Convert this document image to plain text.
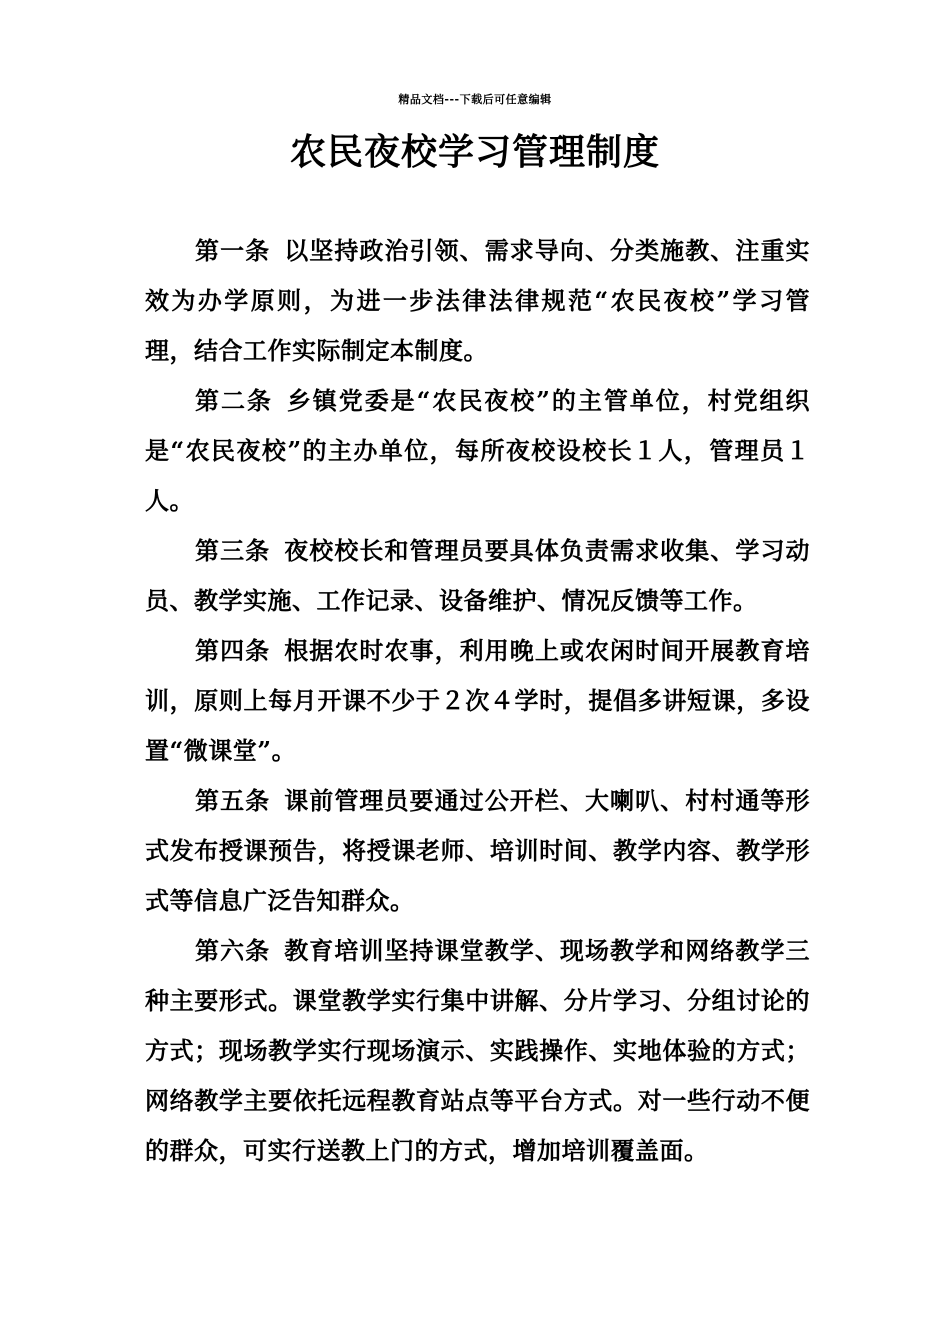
精品文档---下载后可任意编辑
农民夜校学习管理制度

第一条 以坚持政治引领、需求导向、分类施教、注重实效为办学原则，为进一步法律法律规范“农民夜校”学习管理，结合工作实际制定本制度。

第二条 乡镇党委是“农民夜校”的主管单位，村党组织是“农民夜校”的主办单位，每所夜校设校长１人，管理员１人。

第三条 夜校校长和管理员要具体负责需求收集、学习动员、教学实施、工作记录、设备维护、情况反馈等工作。

第四条 根据农时农事，利用晚上或农闲时间开展教育培训，原则上每月开课不少于２次４学时，提倡多讲短课，多设置“微课堂”。

第五条 课前管理员要通过公开栏、大喇叭、村村通等形式发布授课预告，将授课老师、培训时间、教学内容、教学形式等信息广泛告知群众。

第六条 教育培训坚持课堂教学、现场教学和网络教学三种主要形式。课堂教学实行集中讲解、分片学习、分组讨论的方式；现场教学实行现场演示、实践操作、实地体验的方式；网络教学主要依托远程教育站点等平台方式。对一些行动不便的群众，可实行送教上门的方式，增加培训覆盖面。
